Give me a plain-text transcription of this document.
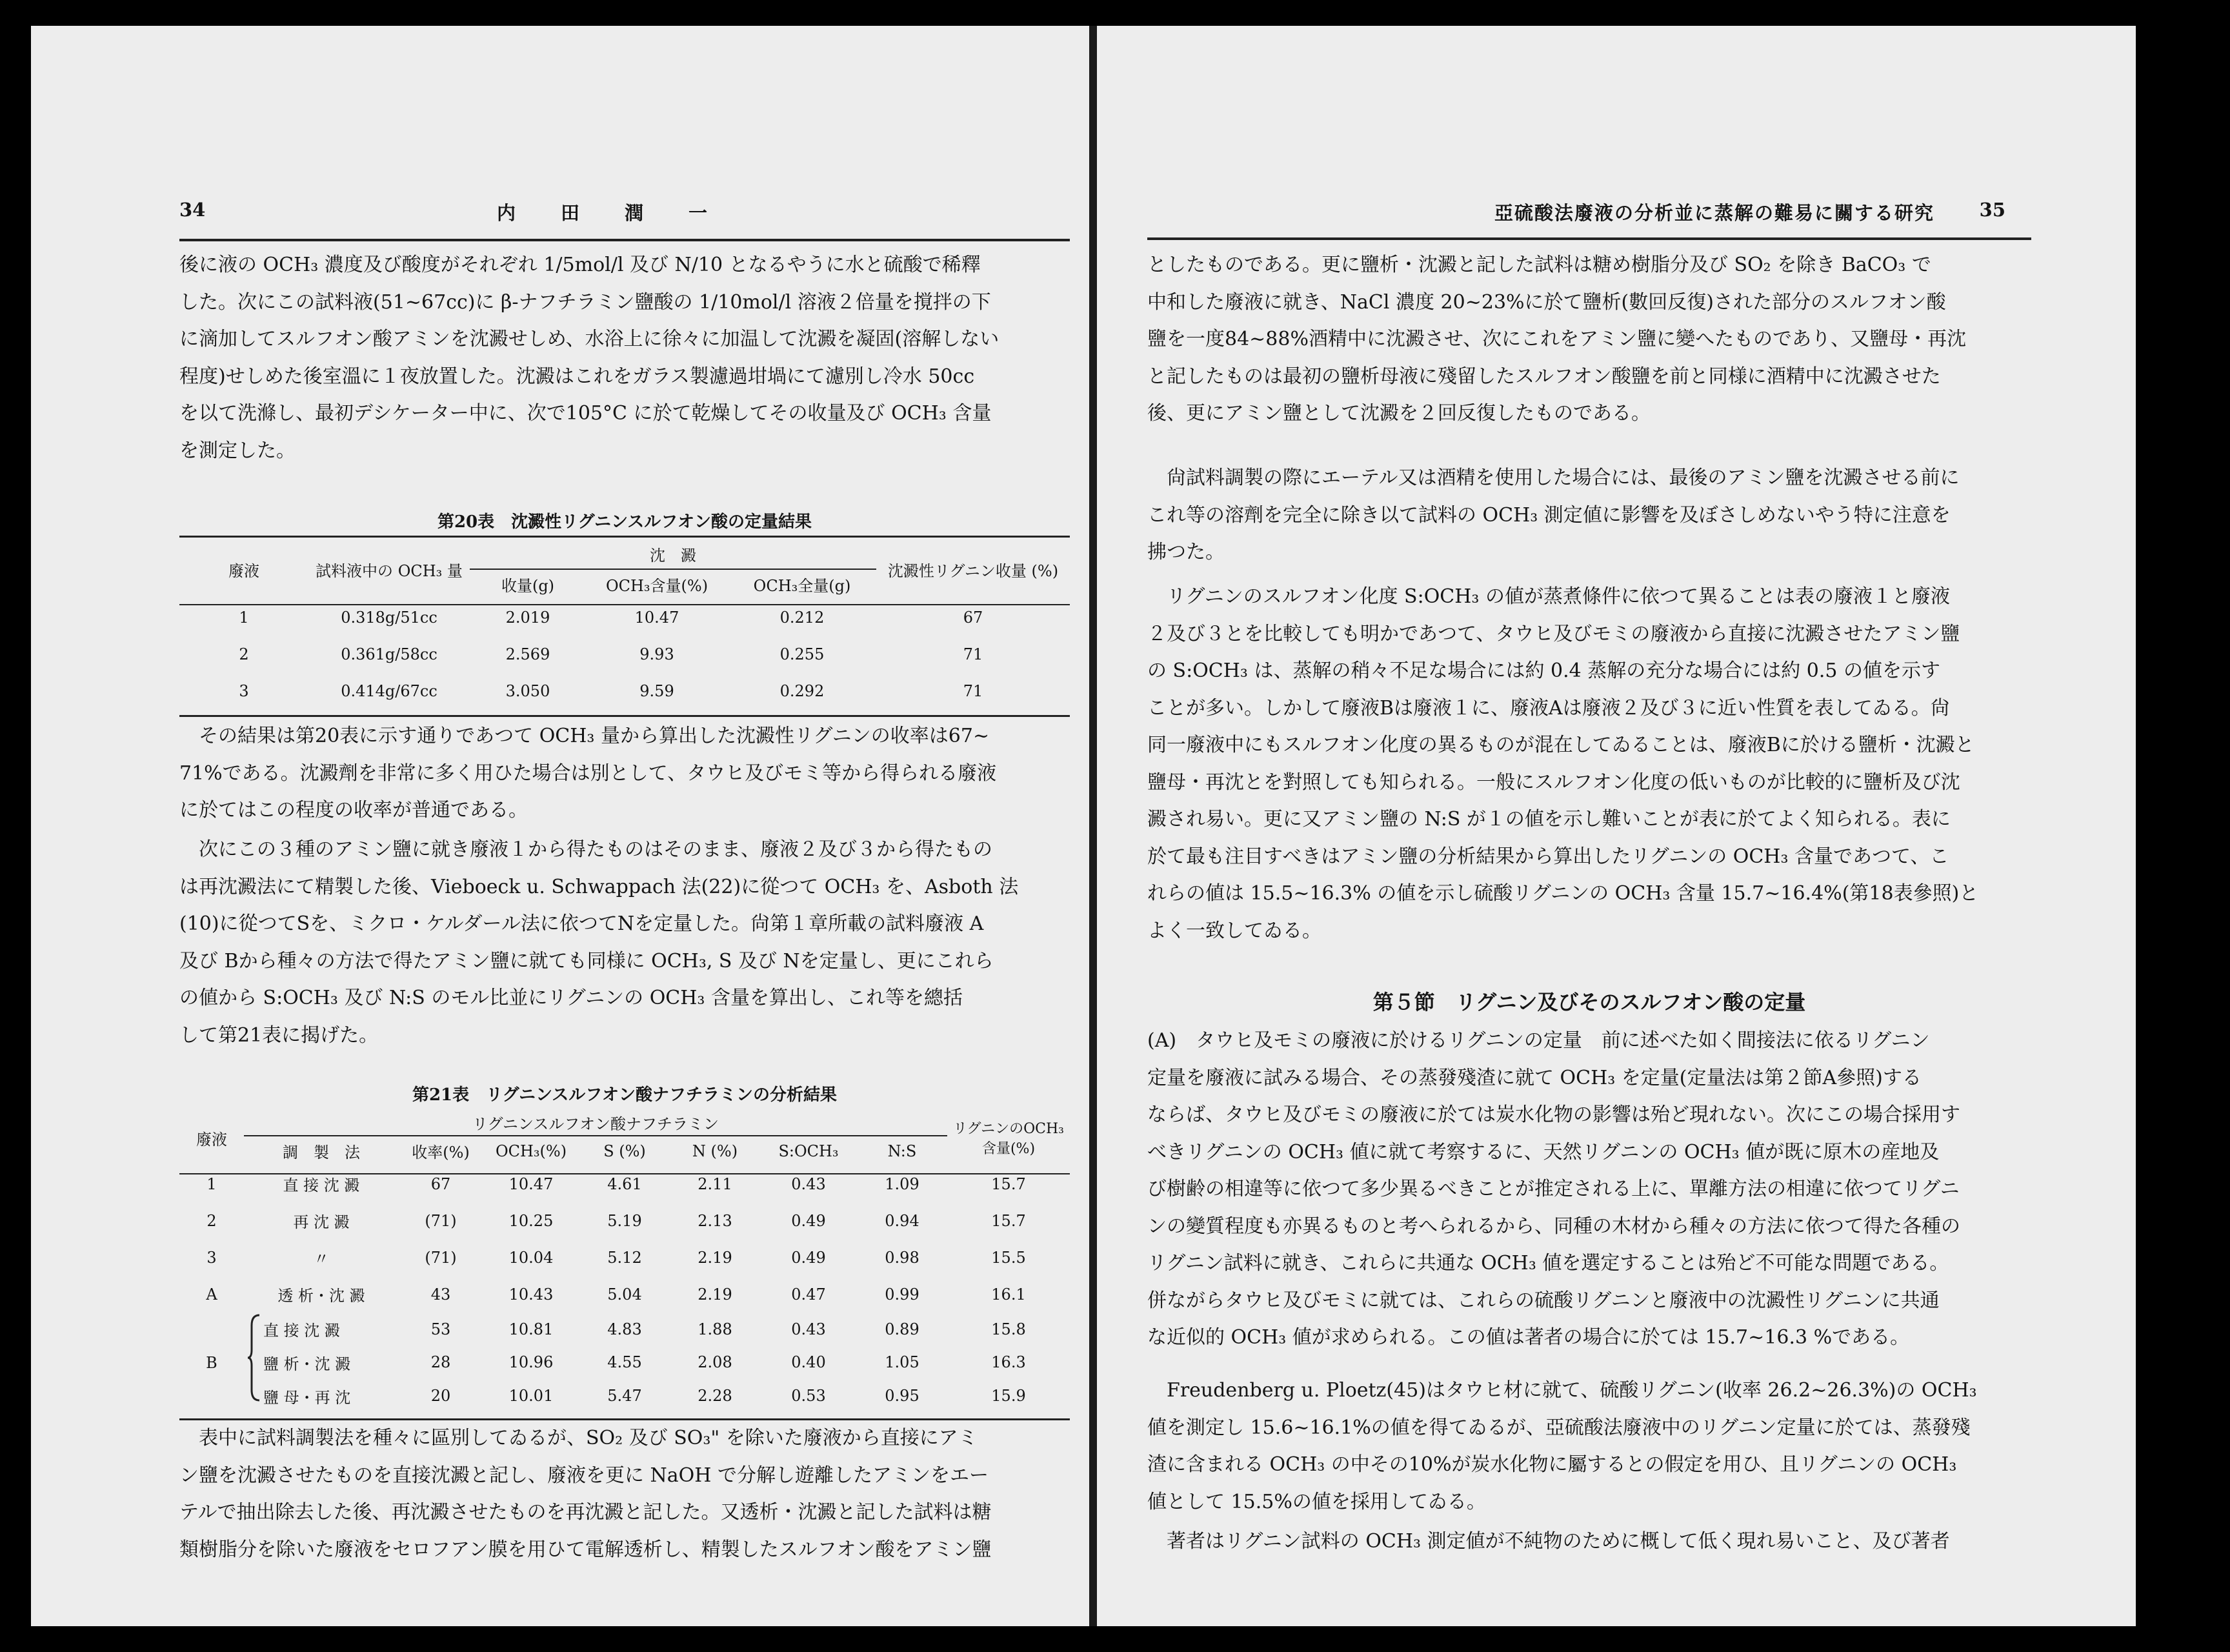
34	内田潤一
後に液の OCH₃ 濃度及び酸度がそれぞれ 1/5mol/l 及び N/10 となるやうに水と硫酸で稀釋
した。次にこの試料液(51~67cc)に β-ナフチラミン鹽酸の 1/10mol/l 溶液２倍量を撹拌の下
に滴加してスルフオン酸アミンを沈澱せしめ、水浴上に徐々に加温して沈澱を凝固(溶解しない
程度)せしめた後室溫に１夜放置した。沈澱はこれをガラス製濾過坩堝にて濾別し冷水 50cc
を以て洗滌し、最初デシケーター中に、次で105°C に於て乾燥してその收量及び OCH₃ 含量
を測定した。
第20表　沈澱性リグニンスルフオン酸の定量結果
廢液	試料液中の OCH₃ 量	沈　澱			沈澱性リグニン收量 (%)
		收量(g)	OCH₃含量(%)	OCH₃全量(g)	
1	0.318g/51cc	2.019	10.47	0.212	67
2	0.361g/58cc	2.569	9.93	0.255	71
3	0.414g/67cc	3.050	9.59	0.292	71
その結果は第20表に示す通りであつて OCH₃ 量から算出した沈澱性リグニンの收率は67~
71%である。沈澱劑を非常に多く用ひた場合は別として、タウヒ及びモミ等から得られる廢液
に於てはこの程度の收率が普通である。
次にこの３種のアミン鹽に就き廢液１から得たものはそのまま、廢液２及び３から得たもの
は再沈澱法にて精製した後、Vieboeck u. Schwappach 法(22)に從つて OCH₃ を、Asboth 法
(10)に從つてSを、ミクロ・ケルダール法に依つてNを定量した。尙第１章所載の試料廢液 A
及び Bから種々の方法で得たアミン鹽に就ても同様に OCH₃, S 及び Nを定量し、更にこれら
の値から S:OCH₃ 及び N:S のモル比並にリグニンの OCH₃ 含量を算出し、これ等を總括
して第21表に揭げた。
第21表　リグニンスルフオン酸ナフチラミンの分析結果
廢液	リグニンスルフオン酸ナフチラミン								リグニンのOCH₃含量(%)
	調　製　法		收率(%)	OCH₃(%)	S (%)	N (%)	S:OCH₃	N:S	
1	直 接 沈 澱		67	10.47	4.61	2.11	0.43	1.09	15.7
2	再 沈 澱		(71)	10.25	5.19	2.13	0.49	0.94	15.7
3	〃		(71)	10.04	5.12	2.19	0.49	0.98	15.5
A	透 析・沈 澱		43	10.43	5.04	2.19	0.47	0.99	16.1
B		直 接 沈 澱	53	10.81	4.83	1.88	0.43	0.89	15.8
		鹽 析・沈 澱	28	10.96	4.55	2.08	0.40	1.05	16.3
		鹽 母・再 沈	20	10.01	5.47	2.28	0.53	0.95	15.9
表中に試料調製法を種々に區別してゐるが、SO₂ 及び SO₃" を除いた廢液から直接にアミ
ン鹽を沈澱させたものを直接沈澱と記し、廢液を更に NaOH で分解し遊離したアミンをエー
テルで抽出除去した後、再沈澱させたものを再沈澱と記した。又透析・沈澱と記した試料は糖
類樹脂分を除いた廢液をセロフアン膜を用ひて電解透析し、精製したスルフオン酸をアミン鹽
亞硫酸法廢液の分析並に蒸解の難易に關する研究 35
としたものである。更に鹽析・沈澱と記した試料は糖め樹脂分及び SO₂ を除き BaCO₃ で
中和した廢液に就き、NaCl 濃度 20~23%に於て鹽析(數回反復)された部分のスルフオン酸
鹽を一度84~88%酒精中に沈澱させ、次にこれをアミン鹽に變へたものであり、又鹽母・再沈
と記したものは最初の鹽析母液に殘留したスルフオン酸鹽を前と同様に酒精中に沈澱させた
後、更にアミン鹽として沈澱を２回反復したものである。
尙試料調製の際にエーテル又は酒精を使用した場合には、最後のアミン鹽を沈澱させる前に
これ等の溶劑を完全に除き以て試料の OCH₃ 測定値に影響を及ぼさしめないやう特に注意を
拂つた。
リグニンのスルフオン化度 S:OCH₃ の値が蒸煮條件に依つて異ることは表の廢液１と廢液
２及び３とを比較しても明かであつて、タウヒ及びモミの廢液から直接に沈澱させたアミン鹽
の S:OCH₃ は、蒸解の稍々不足な場合には約 0.4 蒸解の充分な場合には約 0.5 の値を示す
ことが多い。しかして廢液Bは廢液１に、廢液Aは廢液２及び３に近い性質を表してゐる。尙
同一廢液中にもスルフオン化度の異るものが混在してゐることは、廢液Bに於ける鹽析・沈澱と
鹽母・再沈とを對照しても知られる。一般にスルフオン化度の低いものが比較的に鹽析及び沈
澱され易い。更に又アミン鹽の N:S が１の値を示し難いことが表に於てよく知られる。表に
於て最も注目すべきはアミン鹽の分析結果から算出したリグニンの OCH₃ 含量であつて、こ
れらの値は 15.5~16.3% の値を示し硫酸リグニンの OCH₃ 含量 15.7~16.4%(第18表參照)と
よく一致してゐる。
第５節　リグニン及びそのスルフオン酸の定量
(A)　タウヒ及モミの廢液に於けるリグニンの定量　前に述べた如く間接法に依るリグニン
定量を廢液に試みる場合、その蒸發殘渣に就て OCH₃ を定量(定量法は第２節A參照)する
ならば、タウヒ及びモミの廢液に於ては炭水化物の影響は殆ど現れない。次にこの場合採用す
べきリグニンの OCH₃ 値に就て考察するに、天然リグニンの OCH₃ 値が既に原木の産地及
び樹齢の相違等に依つて多少異るべきことが推定される上に、單離方法の相違に依つてリグニ
ンの變質程度も亦異るものと考へられるから、同種の木材から種々の方法に依つて得た各種の
リグニン試料に就き、これらに共通な OCH₃ 値を選定することは殆ど不可能な問題である。
併ながらタウヒ及びモミに就ては、これらの硫酸リグニンと廢液中の沈澱性リグニンに共通
な近似的 OCH₃ 値が求められる。この値は著者の場合に於ては 15.7~16.3 %である。
Freudenberg u. Ploetz(45)はタウヒ材に就て、硫酸リグニン(收率 26.2~26.3%)の OCH₃
値を測定し 15.6~16.1%の値を得てゐるが、亞硫酸法廢液中のリグニン定量に於ては、蒸發殘
渣に含まれる OCH₃ の中その10%が炭水化物に屬するとの假定を用ひ、且リグニンの OCH₃
値として 15.5%の値を採用してゐる。
著者はリグニン試料の OCH₃ 測定値が不純物のために概して低く現れ易いこと、及び著者
